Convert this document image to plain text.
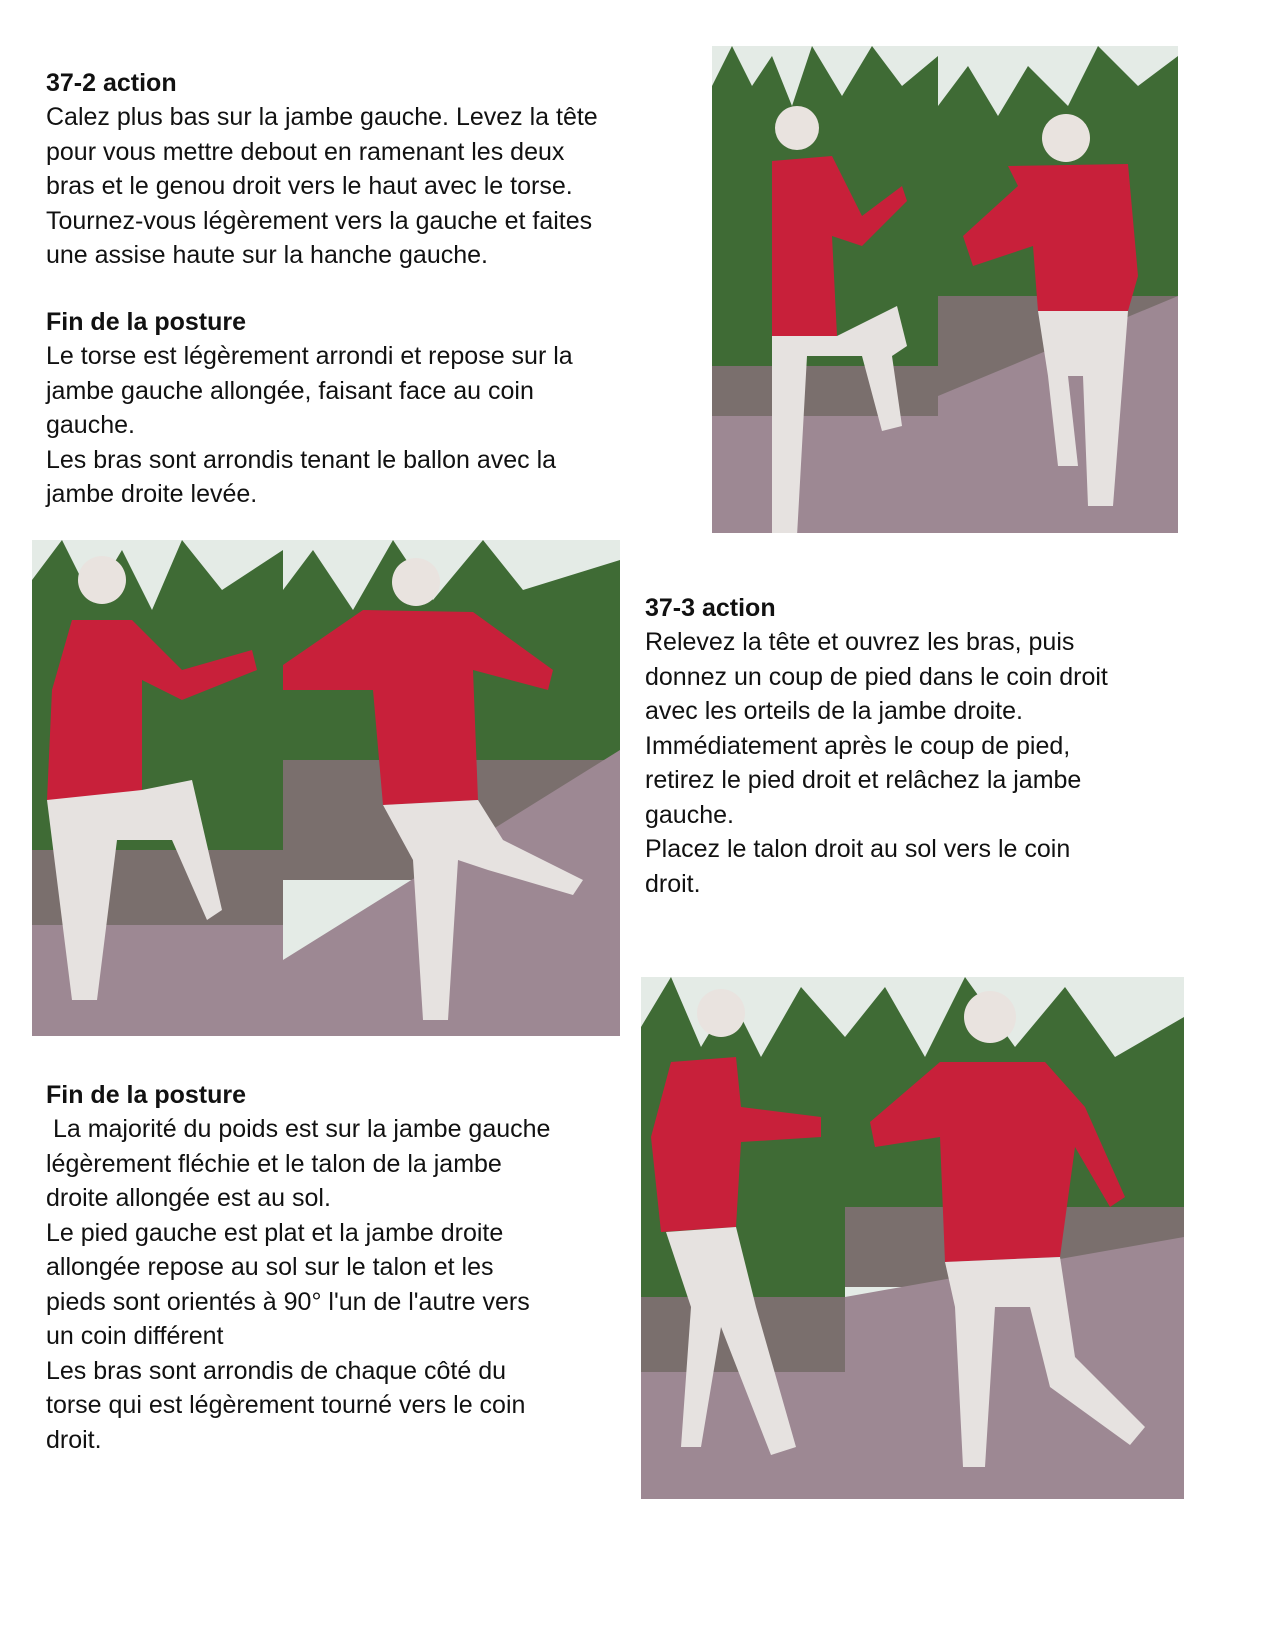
37-2 action

Calez plus bas sur la jambe gauche. Levez la tête

pour vous mettre debout en ramenant les deux

bras et le genou droit vers le haut avec le torse.

Tournez-vous légèrement vers la gauche et faites

une assise haute sur la hanche gauche.

Fin de la posture

Le torse est légèrement arrondi et repose sur la

jambe gauche allongée, faisant face au coin

gauche.

Les bras sont arrondis tenant le ballon avec la

jambe droite levée.

37-3 action

Relevez la tête et ouvrez les bras, puis

donnez un coup de pied dans le coin droit

avec les orteils de la jambe droite.

Immédiatement après le coup de pied,

retirez le pied droit et relâchez la jambe

gauche.

Placez le talon droit au sol vers le coin

droit.

Fin de la posture

La majorité du poids est sur la jambe gauche

légèrement fléchie et le talon de la jambe

droite allongée est au sol.

Le pied gauche est plat et la jambe droite

allongée repose au sol sur le talon et les

pieds sont orientés à 90° l'un de l'autre vers

un coin différent

Les bras sont arrondis de chaque côté du

torse qui est légèrement tourné vers le coin

droit.
